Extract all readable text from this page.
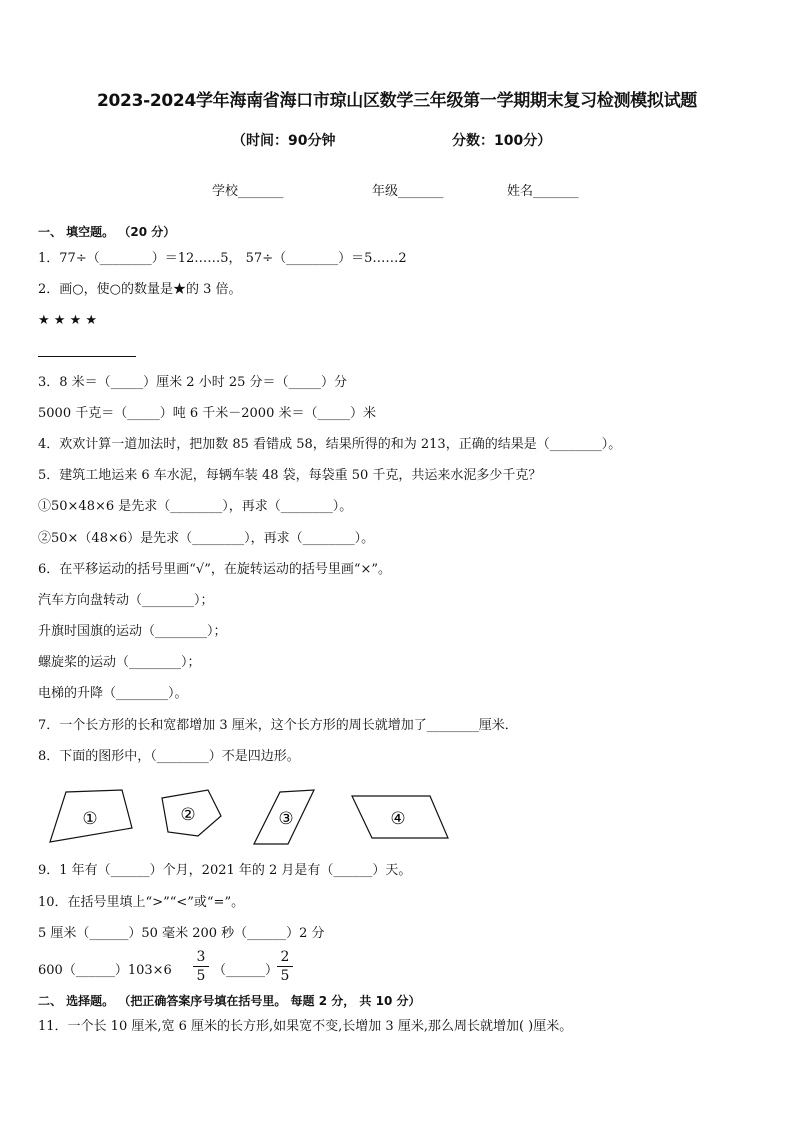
2023-2024学年海南省海口市琼山区数学三年级第一学期期末复习检测模拟试题
（时间：90分钟	分数：100分）
学校_______	年级_______	姓名_______
一、 填空题。 （20 分）
1．77÷（________）＝12……5， 57÷（________）＝5……2
2．画○，使○的数量是★的 3 倍。
★ ★ ★ ★
3．8 米＝（_____）厘米 2 小时 25 分＝（_____）分
5000 千克＝（_____）吨 6 千米－2000 米＝（_____）米
4．欢欢计算一道加法时，把加数 85 看错成 58，结果所得的和为 213，正确的结果是（________）。
5．建筑工地运来 6 车水泥，每辆车装 48 袋，每袋重 50 千克，共运来水泥多少千克？
①50×48×6 是先求（________），再求（________）。
②50×（48×6）是先求（________），再求（________）。
6．在平移运动的括号里画“√”，在旋转运动的括号里画“×”。
汽车方向盘转动（________）；
升旗时国旗的运动（________）；
螺旋桨的运动（________）；
电梯的升降（________）。
7．一个长方形的长和宽都增加 3 厘米，这个长方形的周长就增加了________厘米．
8．下面的图形中，（________）不是四边形。
①	②	③	④
9．1 年有（______）个月，2021 年的 2 月是有（______）天。
10．在括号里填上“>”“<”或“=”。
5 厘米（______）50 毫米 200 秒（______）2 分
600（______）103×6
3
5 （______）
2
5
二、 选择题。 （把正确答案序号填在括号里。 每题 2 分， 共 10 分）
11．一个长 10 厘米,宽 6 厘米的长方形,如果宽不变,长增加 3 厘米,那么周长就增加( )厘米。
